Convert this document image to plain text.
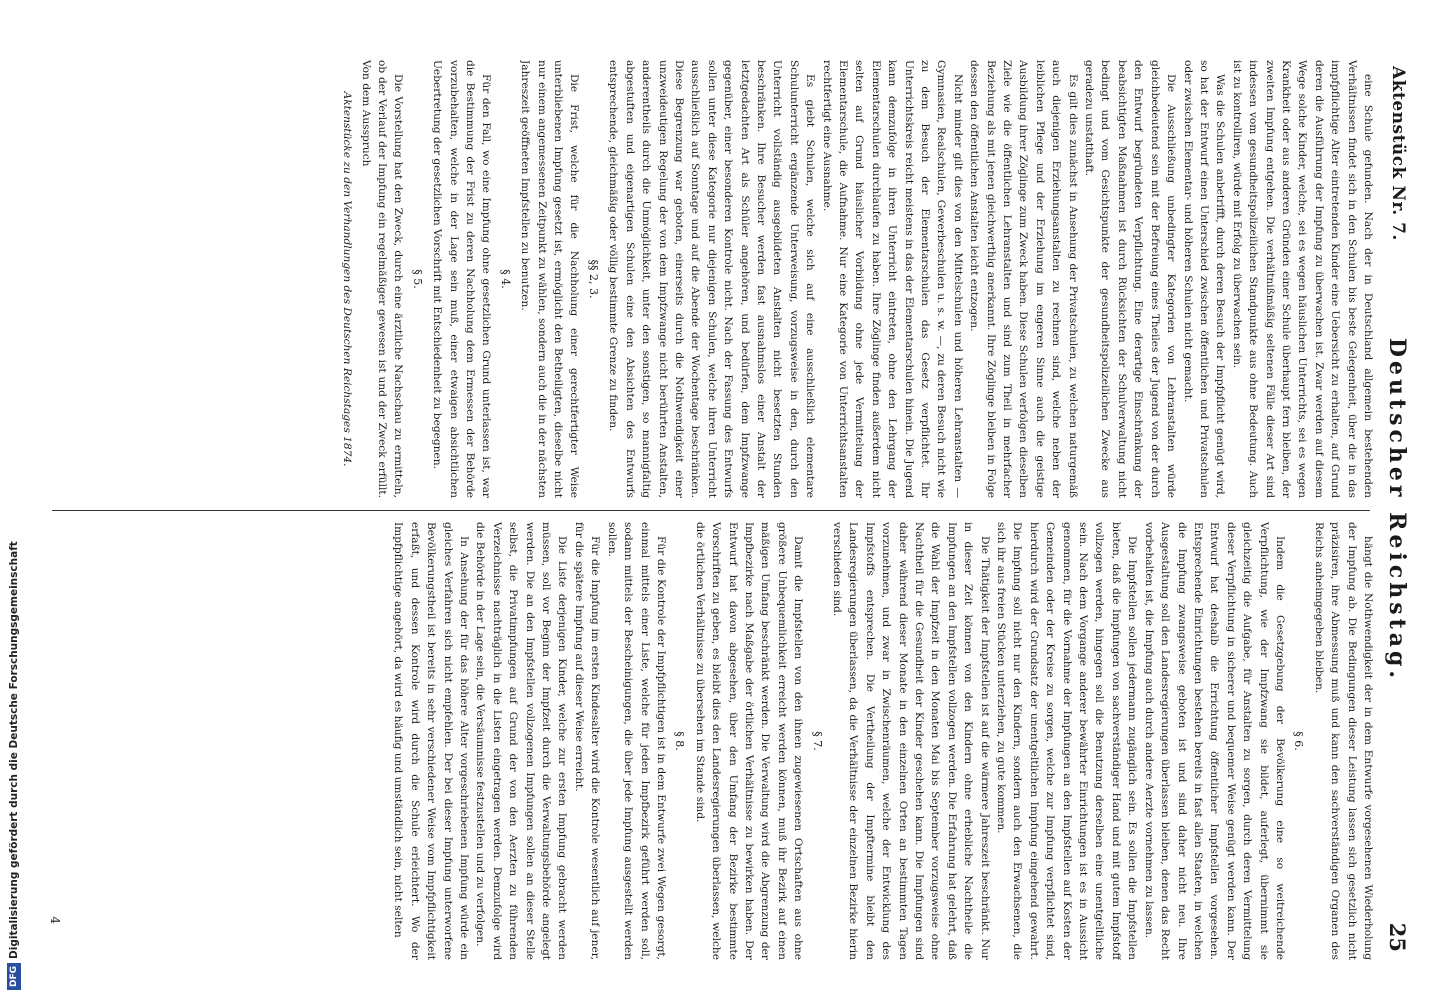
Aktenstück Nr. 7.
Deutscher Reichstag.
25

eine Schule gefunden. Nach der in Deutschland allgemein bestehenden Verhältnissen findet sich in den Schulen bis beste Gelegenheit, über die in das impfpflichtige Alter eintretenden Kinder eine Uebersicht zu erhalten, auf Grund deren die Ausführung der Impfung zu überwachen ist. Zwar werden auf diesem Wege solche Kinder, welche, sei es wegen häuslichen Unterrichts, sei es wegen Krankheit oder aus anderen Gründen einer Schule überhaupt fern bleiben, der zweiten Impfung entgehen. Die verhältnißmäßig seltenen Fälle dieser Art sind indessen vom gesundheitspolizeilichen Standpunkte aus ohne Bedeutung. Auch ist zu kontrolliren, würde mit Erfolg zu überwachen sein.

Was die Schulen anbetrifft, durch deren Besuch der Impfpflicht genügt wird, so hat der Entwurf einen Unterschied zwischen öffentlichen und Privatschulen oder zwischen Elementar- und höheren Schulen nicht gemacht.

Die Ausschließung unbedingter Kategorien von Lehranstalten würde gleichbedeutend sein mit der Befreiung eines Theiles der Jugend von der durch den Entwurf begründeten Verpflichtung. Eine derartige Einschränkung der beabsichtigten Maßnahmen ist durch Rücksichten der Schulverwaltung nicht bedingt und vom Gesichtspunkte der gesundheitspolizeilichen Zwecke aus geradezu unstatthaft.

Es gilt dies zunächst in Ansehung der Privatschulen, zu welchen naturgemäß auch diejenigen Erziehungsanstalten zu rechnen sind, welche neben der leiblichen Pflege und der Erziehung im engeren Sinne auch die geistige Ausbildung ihrer Zöglinge zum Zweck haben. Diese Schulen verfolgen dieselben Ziele wie die öffentlichen Lehranstalten und sind zum Theil in mehrfacher Beziehung als mit jenen gleichwerthig anerkannt. Ihre Zöglinge bleiben in Folge dessen den öffentlichen Anstalten leicht entzogen.

Nicht minder gilt dies von den Mittelschulen und höheren Lehranstalten — Gymnasien, Realschulen, Gewerbeschulen u. s. w. —, zu deren Besuch nicht wie zu dem Besuch der Elementarschulen das Gesetz verpflichtet. Ihr Unterrichtskreis reicht meistens in das der Elementarschulen hinein. Die Jugend kann demzufolge in ihren Unterricht eintreten, ohne den Lehrgang der Elementarschulen durchlaufen zu haben. Ihre Zöglinge finden außerdem nicht selten auf Grund häuslicher Vorbildung ohne jede Vermittelung der Elementarschule, die Aufnahme. Nur eine Kategorie von Unterrichtsanstalten rechtfertigt eine Ausnahme.

Es giebt Schulen, welche sich auf eine ausschließlich elementare Schulunterricht ergänzende Unterweisung, vorzugsweise in den, durch den Unterricht vollständig ausgebildeten Anstalten nicht besetzten Stunden beschränken. Ihre Besucher werden fast ausnahmslos einer Anstalt der letztgedachten Art als Schüler angehören, und bedürfen, dem Impfzwange gegenüber, einer besonderen Kontrole nicht. Nach der Fassung des Entwurfs sollen unter diese Kategorie nur diejenigen Schulen, welche ihren Unterricht ausschließlich auf Sonntage und auf die Abende der Wochentage beschränken. Diese Begrenzung war geboten, einerseits durch die Nothwendigkeit einer unzweideutigen Regelung der von dem Impfzwange nicht berührten Anstalten, anderentheils durch die Unmöglichkeit, unter den sonstigen, so mannigfaltig abgestuften und eigenartigen Schulen eine den Absichten des Entwurfs entsprechende, gleichmäßig oder völlig bestimmte Grenze zu finden.

§§ 2, 3.

Die Frist, welche für die Nachholung einer gerechtfertigter Weise unterbliebenen Impfung gesetzt ist, ermöglicht den Betheiligten, dieselbe nicht nur einem angemessenen Zeitpunkt zu wählen, sondern auch die in der nächsten Jahreszeit geöffneten Impfstellen zu benutzen.

§ 4.

Für den Fall, wo eine Impfung ohne gesetzlichen Grund unterlassen ist, war die Bestimmung der Frist zu deren Nachholung dem Ermessen der Behörde vorzubehalten, welche in der Lage sein muß, einer etwaigen absichtlichen Uebertretung der gesetzlichen Vorschrift mit Entschiedenheit zu begegnen.

§ 5.

Die Vorstellung hat den Zweck, durch eine ärztliche Nachschau zu ermitteln, ob der Verlauf der Impfung ein regelmäßiger gewesen ist und der Zweck erfüllt. Von dem Ausspruch

Aktenstücke zu den Verhandlungen des Deutschen Reichstages 1874.

hängt die Nothwendigkeit der in dem Entwurfe vorgesehenen Wiederholung der Impfung ab. Die Bedingungen dieser Leistung lassen sich gesetzlich nicht präzisiren, ihre Abmessung muß und kann den sachverständigen Organen des Reichs anheimgegeben bleiben.

§ 6.

Indem die Gesetzgebung der Bevölkerung eine so weitreichende Verpflichtung, wie der Impfzwang sie bildet, auferlegt, übernimmt sie gleichzeitig die Aufgabe, für Anstalten zu sorgen, durch deren Vermittelung dieser Verpflichtung in sicherer und bequemer Weise genügt werden kann. Der Entwurf hat deshalb die Errichtung öffentlicher Impfstellen vorgesehen. Entsprechende Einrichtungen bestehen bereits in fast allen Staaten, in welchen die Impfung zwangsweise geboten ist und sind daher nicht neu. Ihre Ausgestaltung soll den Landesregierungen überlassen bleiben, denen das Recht vorbehalten ist, die Impfung auch durch andere Aerzte vornehmen zu lassen.

Die Impfstellen sollen jedermann zugänglich sein. Es sollen die Impfstellen bieten, daß die Impfungen von sachverständiger Hand und mit gutem Impfstoff vollzogen werden, hingegen soll die Benutzung derselben eine unentgeltliche sein. Nach dem Vorgange anderer bewährter Einrichtungen ist es in Aussicht genommen, für die Vornahme der Impfungen an den Impfstellen auf Kosten der Gemeinden oder der Kreise zu sorgen, welche zur Impfung verpflichtet sind, hierdurch wird der Grundsatz der unentgeltlichen Impfung eingehend gewahrt. Die Impfung soll nicht nur den Kindern, sondern auch den Erwachsenen, die sich ihr aus freien Stücken unterziehen, zu gute kommen.

Die Thätigkeit der Impfstellen ist auf die wärmere Jahreszeit beschränkt. Nur in dieser Zeit können von den Kindern ohne erhebliche Nachtheile die Impfungen an den Impfstellen vollzogen werden. Die Erfahrung hat gelehrt, daß die Wahl der Impfzeit in den Monaten Mai bis September vorzugsweise ohne Nachtheil für die Gesundheit der Kinder geschehen kann. Die Impfungen sind daher während dieser Monate in den einzelnen Orten an bestimmten Tagen vorzunehmen, und zwar in Zwischenräumen, welche der Entwicklung des Impfstoffs entsprechen. Die Vertheilung der Impftermine bleibt den Landesregierungen überlassen, da die Verhältnisse der einzelnen Bezirke hierin verschieden sind.

§ 7.

Damit die Impfstellen von den ihnen zugewiesenen Ortschaften aus ohne größere Unbequemlichkeit erreicht werden können, muß ihr Bezirk auf einen mäßigen Umfang beschränkt werden. Die Verwaltung wird die Abgrenzung der Impfbezirke nach Maßgabe der örtlichen Verhältnisse zu bewirken haben. Der Entwurf hat davon abgesehen, über den Umfang der Bezirke bestimmte Vorschriften zu geben, es bleibt dies den Landesregierungen überlassen, welche die örtlichen Verhältnisse zu übersehen im Stande sind.

§ 8.

Für die Kontrole der Impfpflichtigen ist in dem Entwurfe zwei Wegen gesorgt, einmal mittels einer Liste, welche für jeden Impfbezirk geführt werden soll, sodann mittels der Bescheinigungen, die über jede Impfung ausgestellt werden sollen.

Für die Impfung im ersten Kindesalter wird die Kontrole wesentlich auf jener, für die spätere Impfung auf dieser Weise erreicht.

Die Liste derjenigen Kinder, welche zur ersten Impfung gebracht werden müssen, soll vor Beginn der Impfzeit durch die Verwaltungsbehörde angelegt werden. Die an den Impfstellen vollzogenen Impfungen sollen an dieser Stelle selbst, die Privatimpfungen auf Grund der von den Aerzten zu führenden Verzeichnisse nachträglich in die Listen eingetragen werden. Demzufolge wird die Behörde in der Lage sein, die Versäumnisse festzustellen und zu verfolgen.

In Ansehung der für das höhere Alter vorgeschriebenen Impfung würde ein gleiches Verfahren sich nicht empfehlen. Der bei dieser Impfung unterworfene Bevölkerungstheil ist bereits in sehr verschiedener Weise vom Impfpflichtigkeit erfaßt, und dessen Kontrole wird durch die Schule erleichtert. Wo der Impfpflichtige angehört, da wird es häufig und umständlich sein, nicht selten

4
DFGDigitalisierung gefördert durch die Deutsche Forschungsgemeinschaft
